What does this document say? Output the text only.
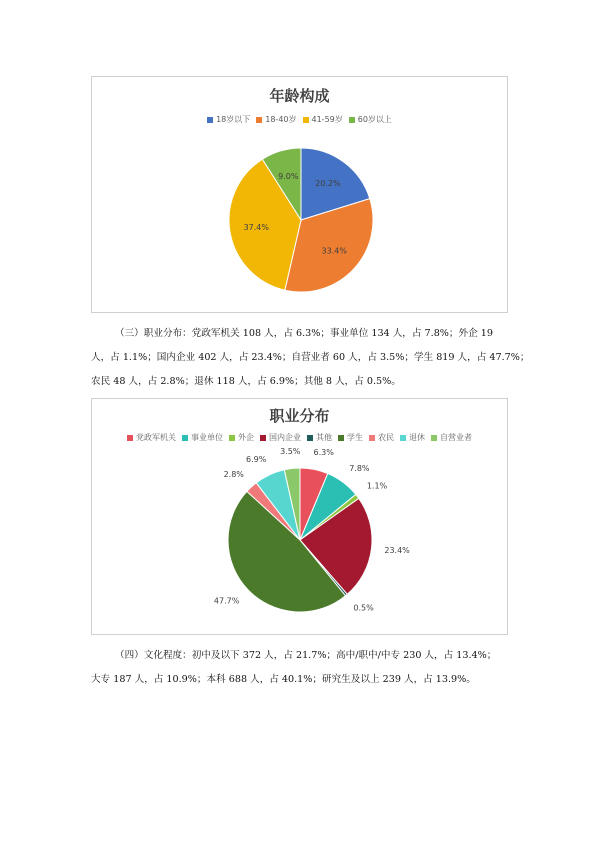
年龄构成
18岁以下 18-40岁 41-59岁 60岁以上
20.2%
33.4%
37.4%
9.0%

（三）职业分布：党政军机关 108 人，占 6.3%；事业单位 134 人，占 7.8%；外企 19

人，占 1.1%；国内企业 402 人，占 23.4%；自营业者 60 人，占 3.5%；学生 819 人，占 47.7%；

农民 48 人，占 2.8%；退休 118 人，占 6.9%；其他 8 人，占 0.5%。

职业分布
党政军机关 事业单位 外企 国内企业 其他 学生 农民 退休 自营业者
6.3%
7.8%
1.1%
23.4%
0.5%
47.7%
2.8%
6.9%
3.5%

（四）文化程度：初中及以下 372 人，占 21.7%；高中/职中/中专 230 人，占 13.4%；

大专 187 人，占 10.9%；本科 688 人，占 40.1%；研究生及以上 239 人，占 13.9%。
